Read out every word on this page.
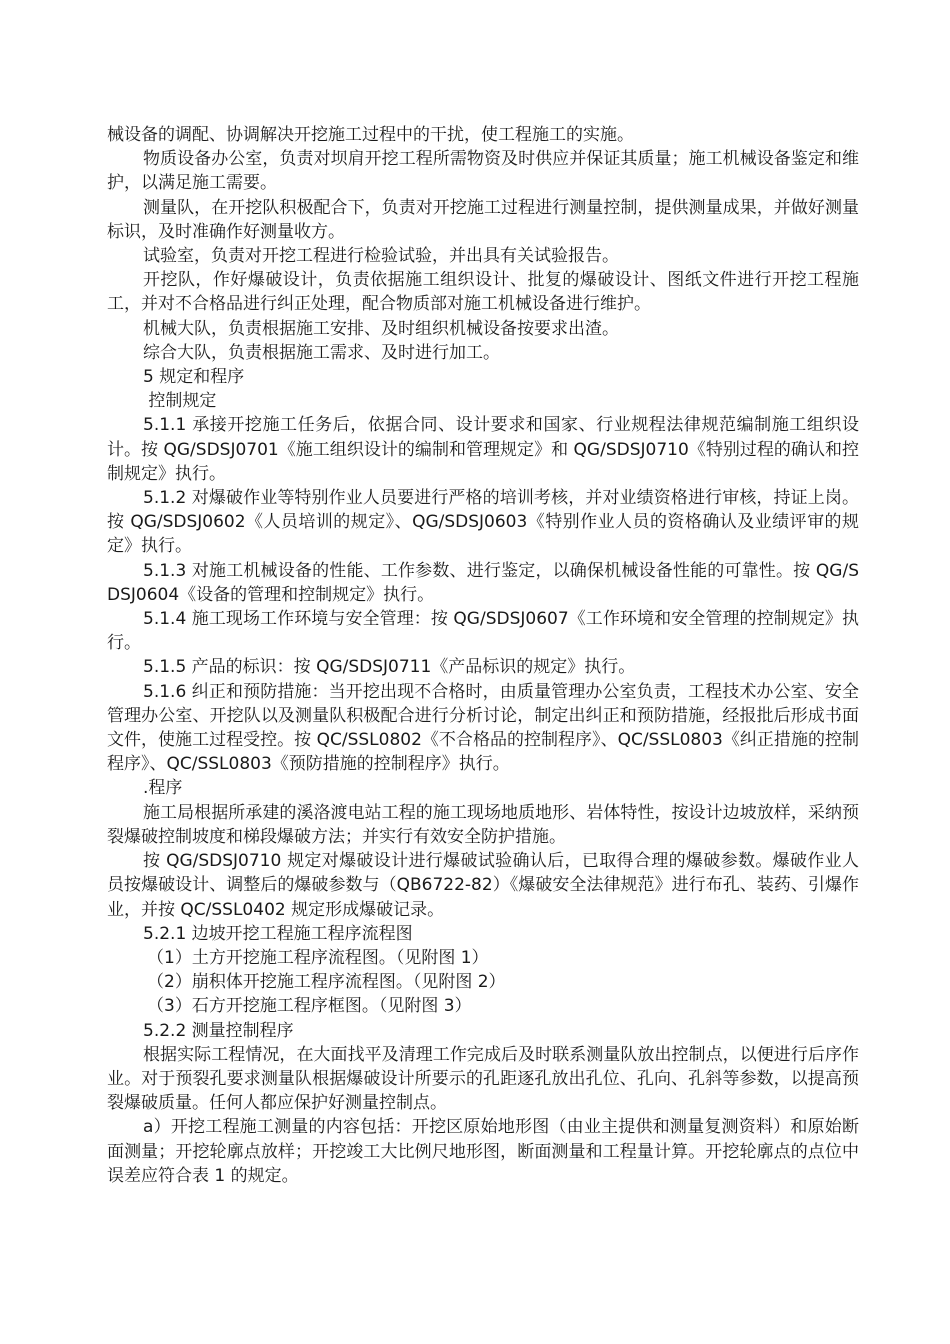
械设备的调配、协调解决开挖施工过程中的干扰，使工程施工的实施。

物质设备办公室，负责对坝肩开挖工程所需物资及时供应并保证其质量；施工机械设备鉴定和维护，以满足施工需要。

测量队，在开挖队积极配合下，负责对开挖施工过程进行测量控制，提供测量成果，并做好测量标识，及时准确作好测量收方。

试验室，负责对开挖工程进行检验试验，并出具有关试验报告。

开挖队，作好爆破设计，负责依据施工组织设计、批复的爆破设计、图纸文件进行开挖工程施工，并对不合格品进行纠正处理，配合物质部对施工机械设备进行维护。

机械大队，负责根据施工安排、及时组织机械设备按要求出渣。

综合大队，负责根据施工需求、及时进行加工。

5 规定和程序

控制规定

5.1.1 承接开挖施工任务后，依据合同、设计要求和国家、行业规程法律规范编制施工组织设计。按 QG/SDSJ0701《施工组织设计的编制和管理规定》和 QG/SDSJ0710《特别过程的确认和控制规定》执行。

5.1.2 对爆破作业等特别作业人员要进行严格的培训考核，并对业绩资格进行审核，持证上岗。按 QG/SDSJ0602《人员培训的规定》、QG/SDSJ0603《特别作业人员的资格确认及业绩评审的规定》执行。

5.1.3 对施工机械设备的性能、工作参数、进行鉴定，以确保机械设备性能的可靠性。按 QG/SDSJ0604《设备的管理和控制规定》执行。

5.1.4 施工现场工作环境与安全管理：按 QG/SDSJ0607《工作环境和安全管理的控制规定》执行。

5.1.5 产品的标识：按 QG/SDSJ0711《产品标识的规定》执行。

5.1.6 纠正和预防措施：当开挖出现不合格时，由质量管理办公室负责，工程技术办公室、安全管理办公室、开挖队以及测量队积极配合进行分析讨论，制定出纠正和预防措施，经报批后形成书面文件，使施工过程受控。按 QC/SSL0802《不合格品的控制程序》、QC/SSL0803《纠正措施的控制程序》、QC/SSL0803《预防措施的控制程序》执行。

.程序

施工局根据所承建的溪洛渡电站工程的施工现场地质地形、岩体特性，按设计边坡放样，采纳预裂爆破控制坡度和梯段爆破方法；并实行有效安全防护措施。

按 QG/SDSJ0710 规定对爆破设计进行爆破试验确认后，已取得合理的爆破参数。爆破作业人员按爆破设计、调整后的爆破参数与（QB6722-82）《爆破安全法律规范》进行布孔、装药、引爆作业，并按 QC/SSL0402 规定形成爆破记录。

5.2.1 边坡开挖工程施工程序流程图

（1）土方开挖施工程序流程图。（见附图 1）

（2）崩积体开挖施工程序流程图。（见附图 2）

（3）石方开挖施工程序框图。（见附图 3）

5.2.2 测量控制程序

根据实际工程情况，在大面找平及清理工作完成后及时联系测量队放出控制点，以便进行后序作业。对于预裂孔要求测量队根据爆破设计所要示的孔距逐孔放出孔位、孔向、孔斜等参数，以提高预裂爆破质量。任何人都应保护好测量控制点。

a）开挖工程施工测量的内容包括：开挖区原始地形图（由业主提供和测量复测资料）和原始断面测量；开挖轮廓点放样；开挖竣工大比例尺地形图，断面测量和工程量计算。开挖轮廓点的点位中误差应符合表 1 的规定。
